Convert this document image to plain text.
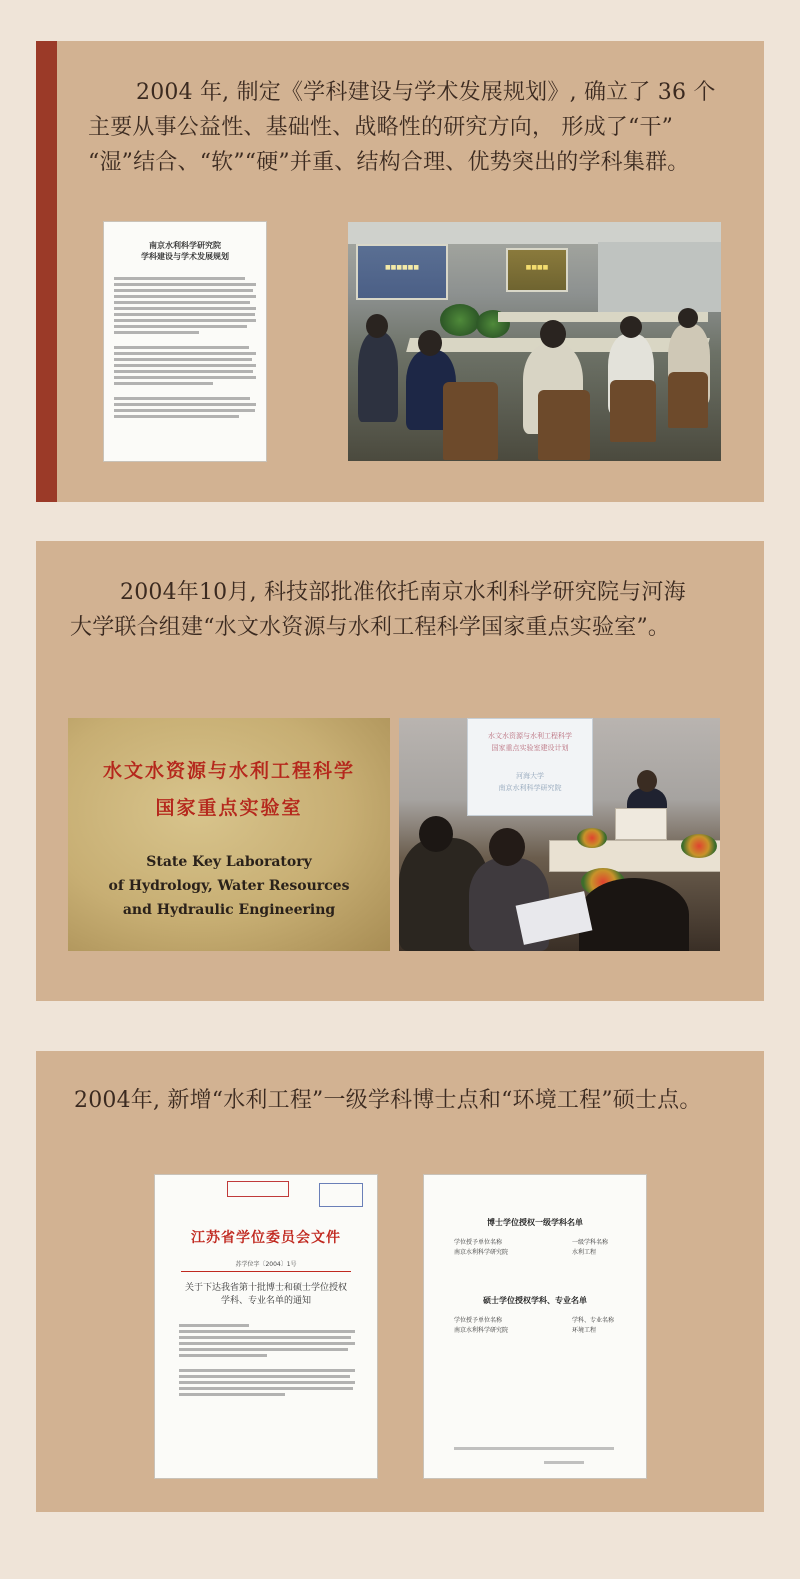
2004 年, 制定《学科建设与学术发展规划》, 确立了 36 个
主要从事公益性、基础性、战略性的研究方向， 形成了“干”
“湿”结合、“软”“硬”并重、结构合理、优势突出的学科集群。
南京水利科学研究院
学科建设与学术发展规划
■■■■■■	■■■■
2004年10月, 科技部批准依托南京水利科学研究院与河海
大学联合组建“水文水资源与水利工程科学国家重点实验室”。
水文水资源与水利工程科学
国家重点实验室
State Key Laboratory
of Hydrology, Water Resources
and Hydraulic Engineering
水文水资源与水利工程科学
国家重点实验室建设计划
河海大学
南京水利科学研究院
2004年, 新增“水利工程”一级学科博士点和“环境工程”硕士点。
江苏省学位委员会文件
苏学位字〔2004〕1号
关于下达我省第十批博士和硕士学位授权
学科、专业名单的通知
博士学位授权一级学科名单
学位授予单位名称	一级学科名称
南京水利科学研究院	水利工程
硕士学位授权学科、专业名单
学位授予单位名称	学科、专业名称
南京水利科学研究院	环境工程
